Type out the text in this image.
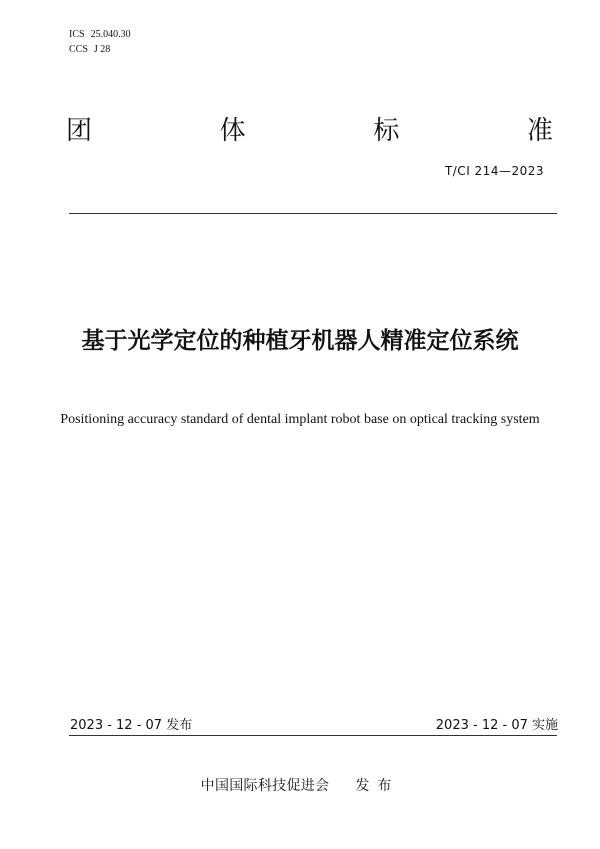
ICS 25.040.30
CCS J 28
团	体	标	准
T/CI 214—2023
基于光学定位的种植牙机器人精准定位系统
Positioning accuracy standard of dental implant robot base on optical tracking system
2023 - 12 - 07 发布	2023 - 12 - 07 实施
中国国际科技促进会 发布
